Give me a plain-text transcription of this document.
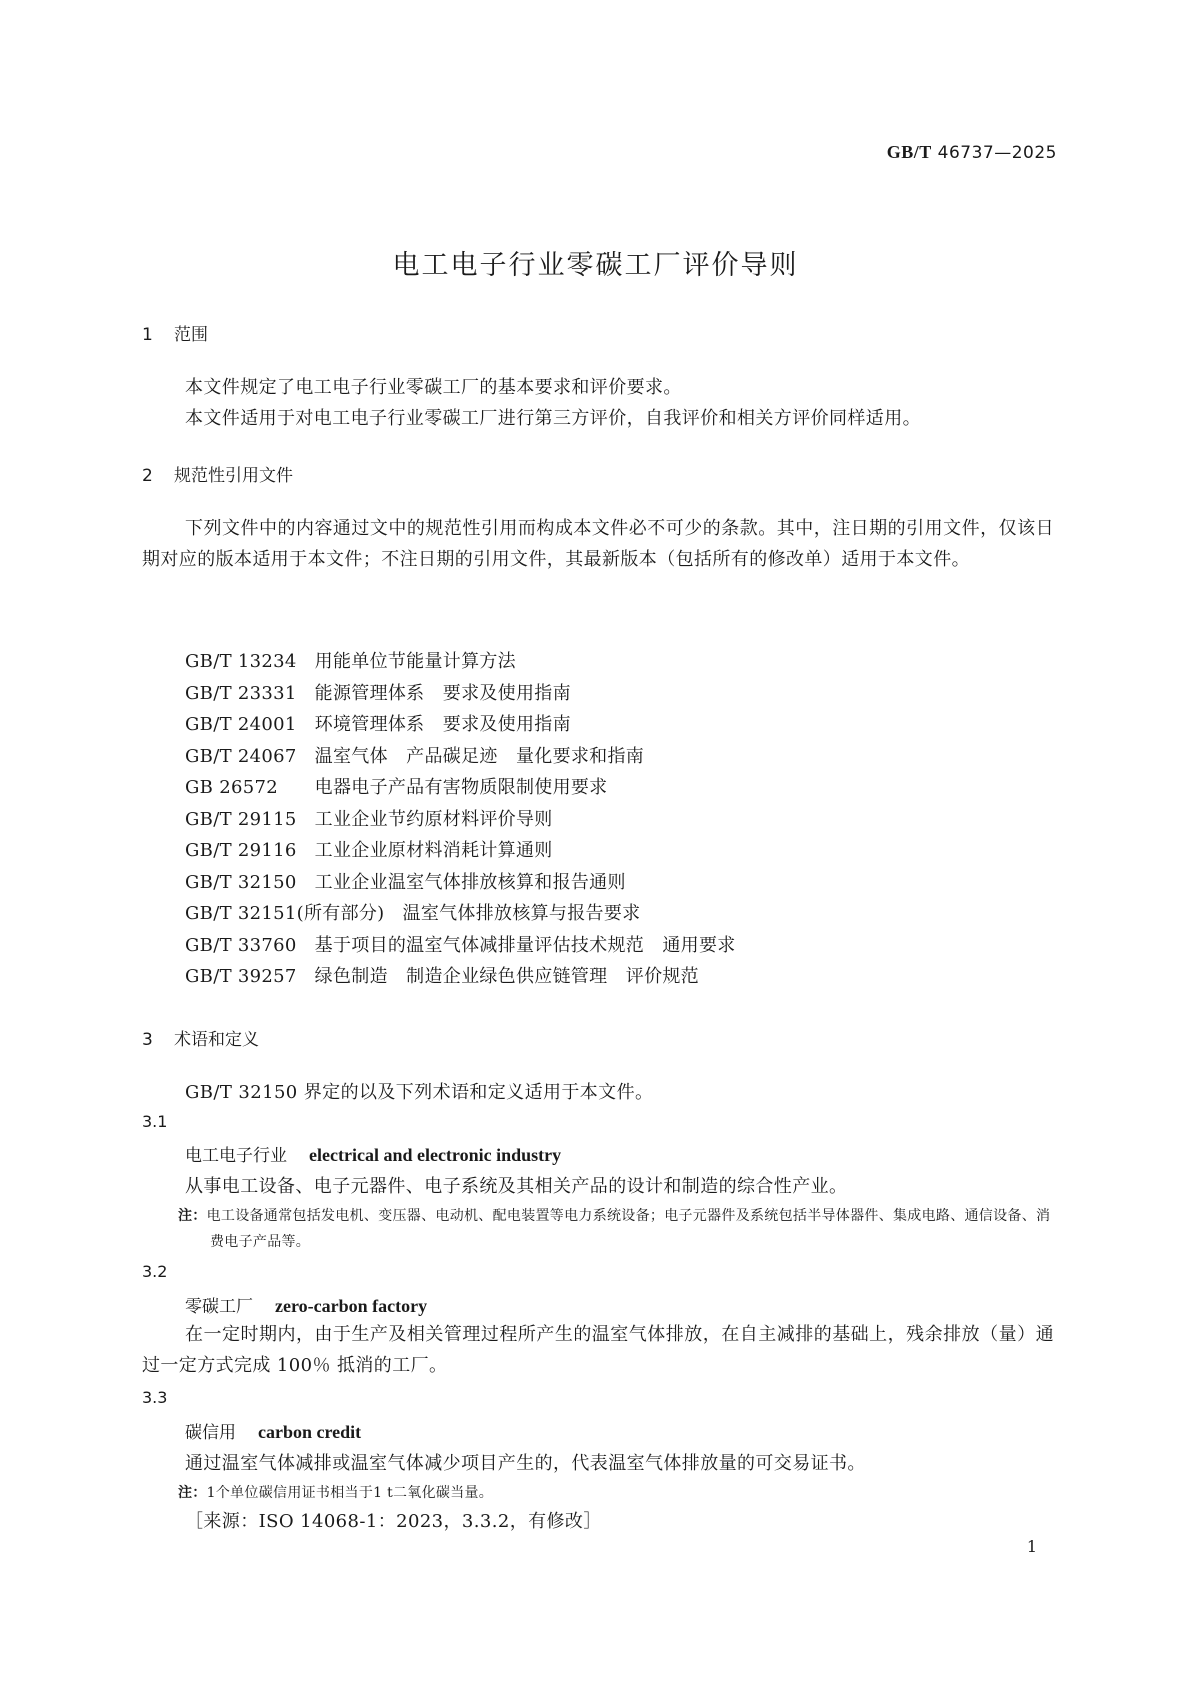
GB/T 46737—2025
电工电子行业零碳工厂评价导则
1 范围
本文件规定了电工电子行业零碳工厂的基本要求和评价要求。
本文件适用于对电工电子行业零碳工厂进行第三方评价，自我评价和相关方评价同样适用。
2 规范性引用文件
下列文件中的内容通过文中的规范性引用而构成本文件必不可少的条款。其中，注日期的引用文件，仅该日期对应的版本适用于本文件；不注日期的引用文件，其最新版本（包括所有的修改单）适用于本文件。
GB/T 13234 用能单位节能量计算方法
GB/T 23331 能源管理体系　要求及使用指南
GB/T 24001 环境管理体系　要求及使用指南
GB/T 24067 温室气体　产品碳足迹　量化要求和指南
GB 26572 电器电子产品有害物质限制使用要求
GB/T 29115 工业企业节约原材料评价导则
GB/T 29116 工业企业原材料消耗计算通则
GB/T 32150 工业企业温室气体排放核算和报告通则
GB/T 32151(所有部分) 温室气体排放核算与报告要求
GB/T 33760 基于项目的温室气体减排量评估技术规范　通用要求
GB/T 39257 绿色制造　制造企业绿色供应链管理　评价规范
3 术语和定义
GB/T 32150 界定的以及下列术语和定义适用于本文件。
3.1
电工电子行业 electrical and electronic industry
从事电工设备、电子元器件、电子系统及其相关产品的设计和制造的综合性产业。
注：电工设备通常包括发电机、变压器、电动机、配电装置等电力系统设备；电子元器件及系统包括半导体器件、集成电路、通信设备、消费电子产品等。
3.2
零碳工厂 zero-carbon factory
在一定时期内，由于生产及相关管理过程所产生的温室气体排放，在自主减排的基础上，残余排放（量）通过一定方式完成 100％ 抵消的工厂。
3.3
碳信用 carbon credit
通过温室气体减排或温室气体减少项目产生的，代表温室气体排放量的可交易证书。
注：1个单位碳信用证书相当于1 t二氧化碳当量。
［来源：ISO 14068-1：2023，3.3.2，有修改］
1
